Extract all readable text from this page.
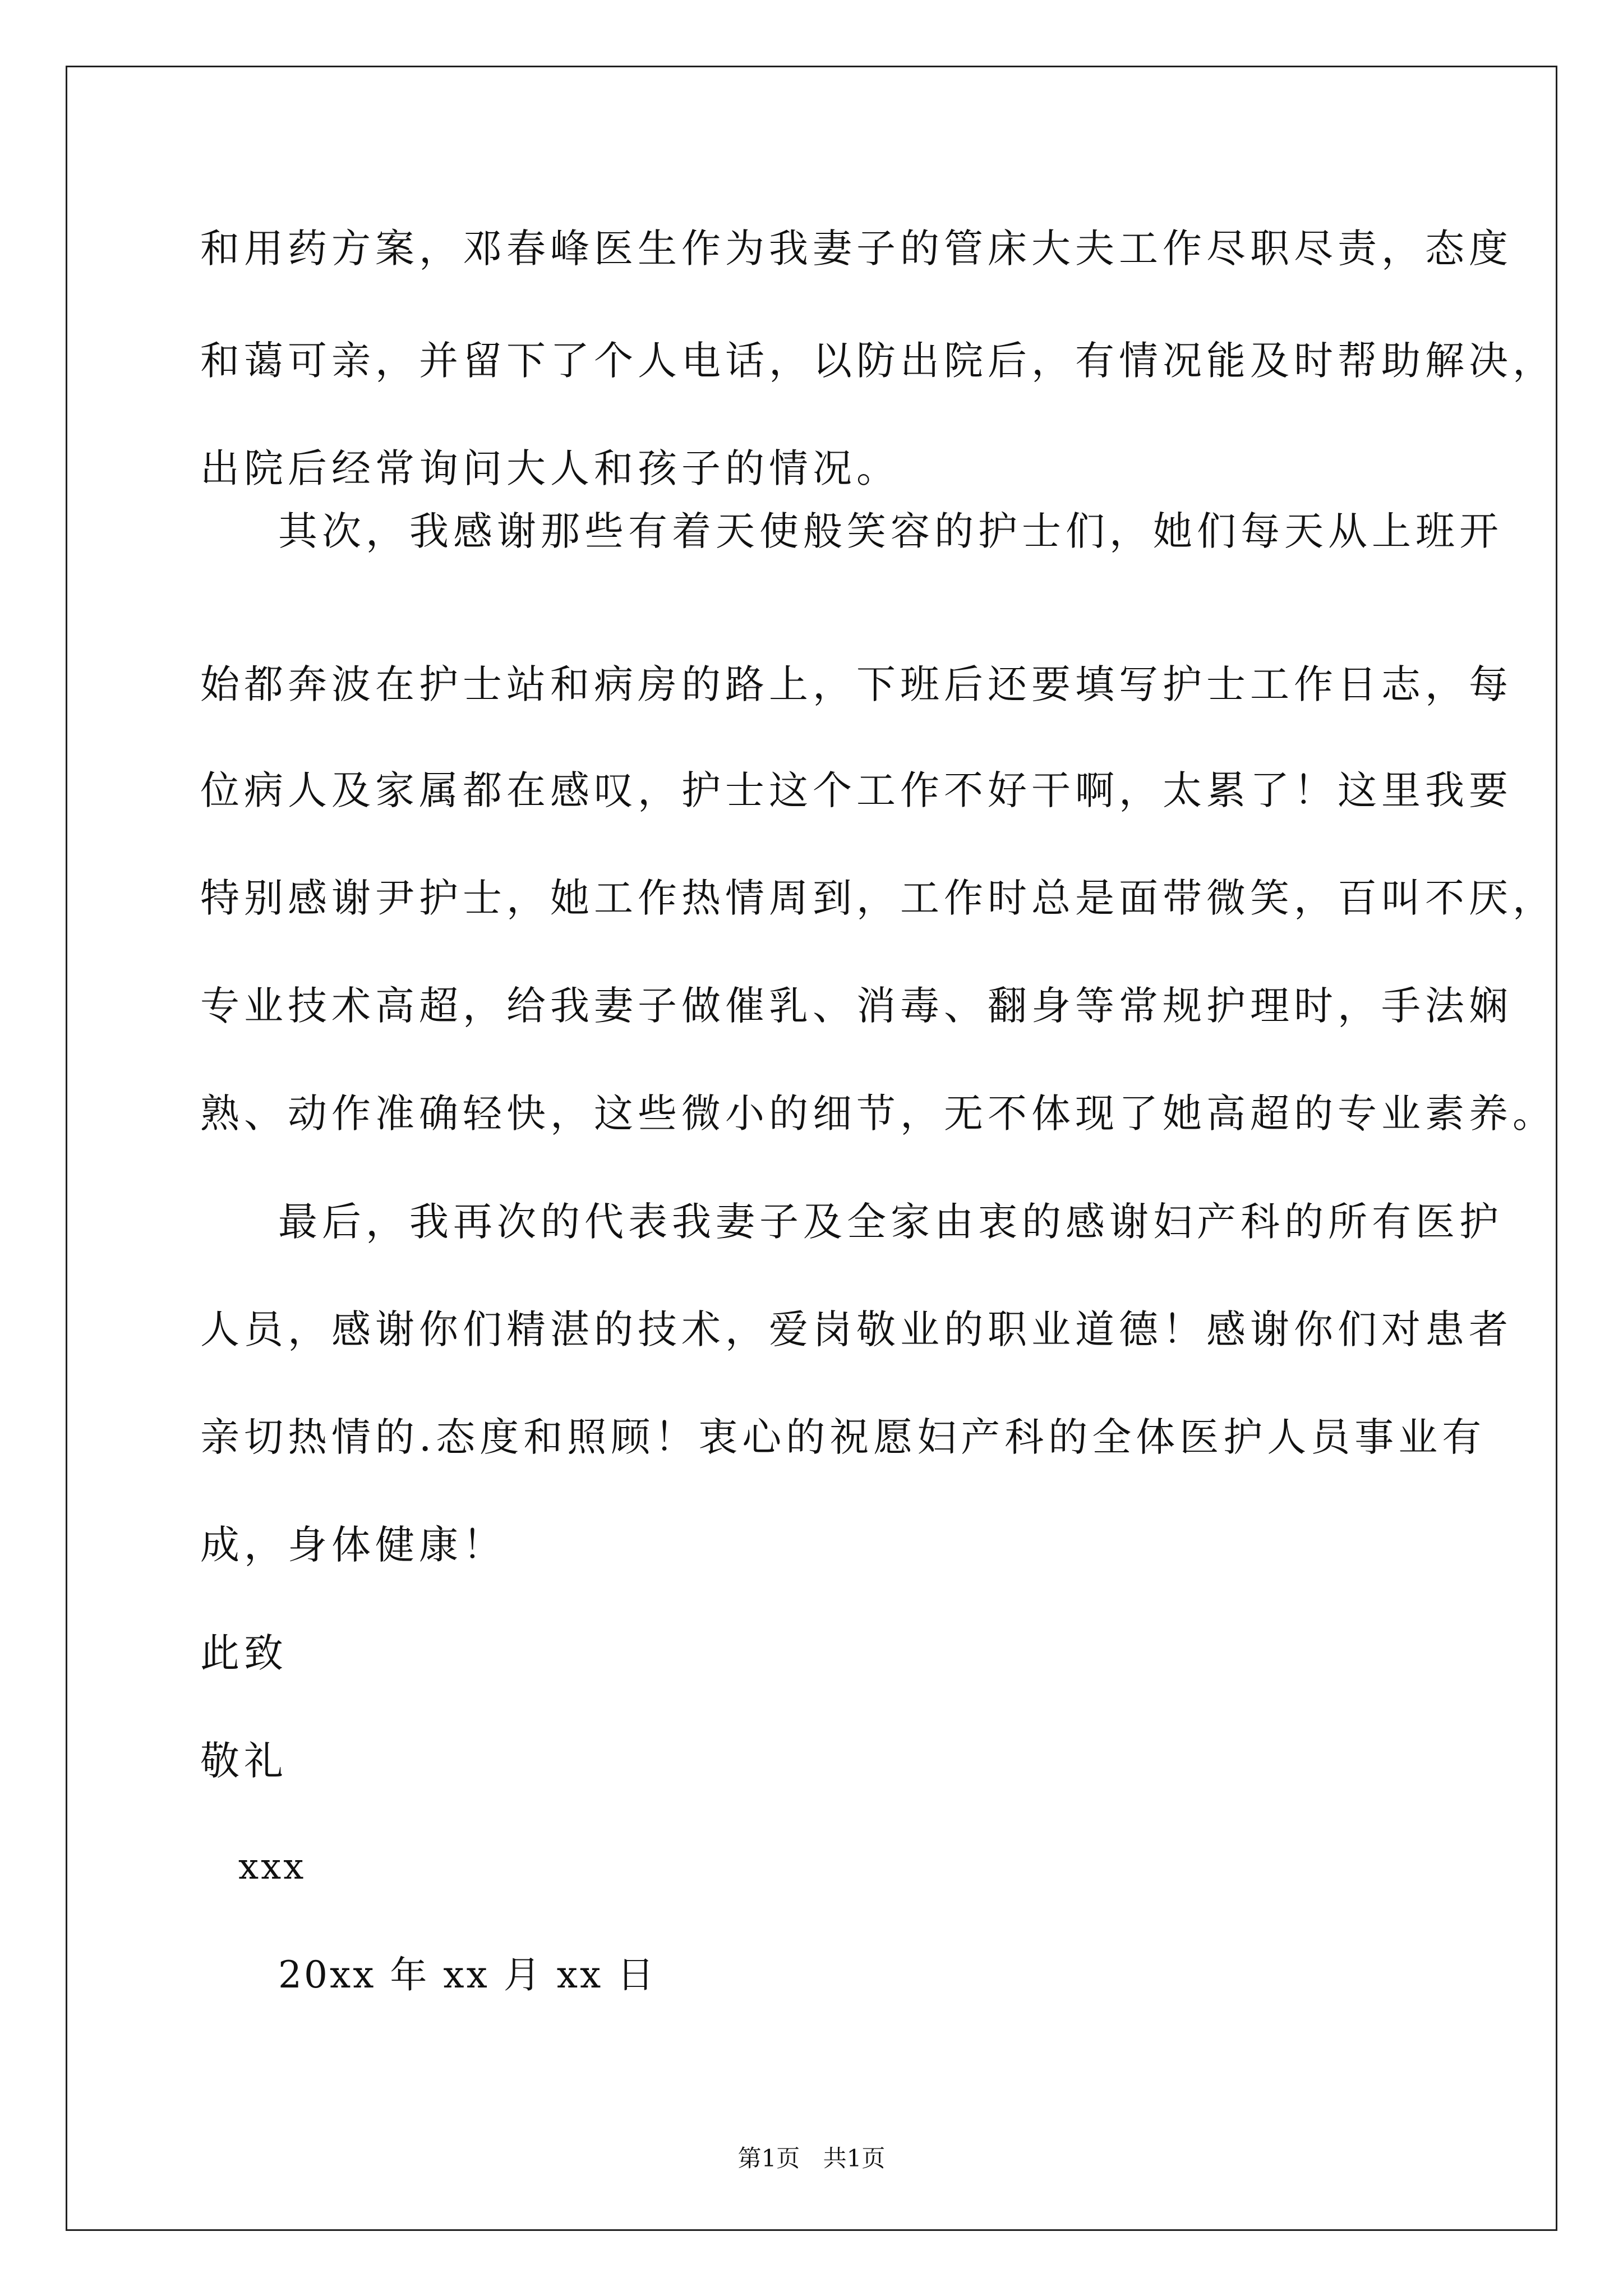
和用药方案，邓春峰医生作为我妻子的管床大夫工作尽职尽责，态度
和蔼可亲，并留下了个人电话，以防出院后，有情况能及时帮助解决，
出院后经常询问大人和孩子的情况。
其次，我感谢那些有着天使般笑容的护士们，她们每天从上班开
始都奔波在护士站和病房的路上，下班后还要填写护士工作日志，每
位病人及家属都在感叹，护士这个工作不好干啊，太累了！这里我要
特别感谢尹护士，她工作热情周到，工作时总是面带微笑，百叫不厌，
专业技术高超，给我妻子做催乳、消毒、翻身等常规护理时，手法娴
熟、动作准确轻快，这些微小的细节，无不体现了她高超的专业素养。
最后，我再次的代表我妻子及全家由衷的感谢妇产科的所有医护
人员，感谢你们精湛的技术，爱岗敬业的职业道德！感谢你们对患者
亲切热情的.态度和照顾！衷心的祝愿妇产科的全体医护人员事业有
成，身体健康！
此致
敬礼
xxx
20xx 年 xx 月 xx 日
第1页 共1页
